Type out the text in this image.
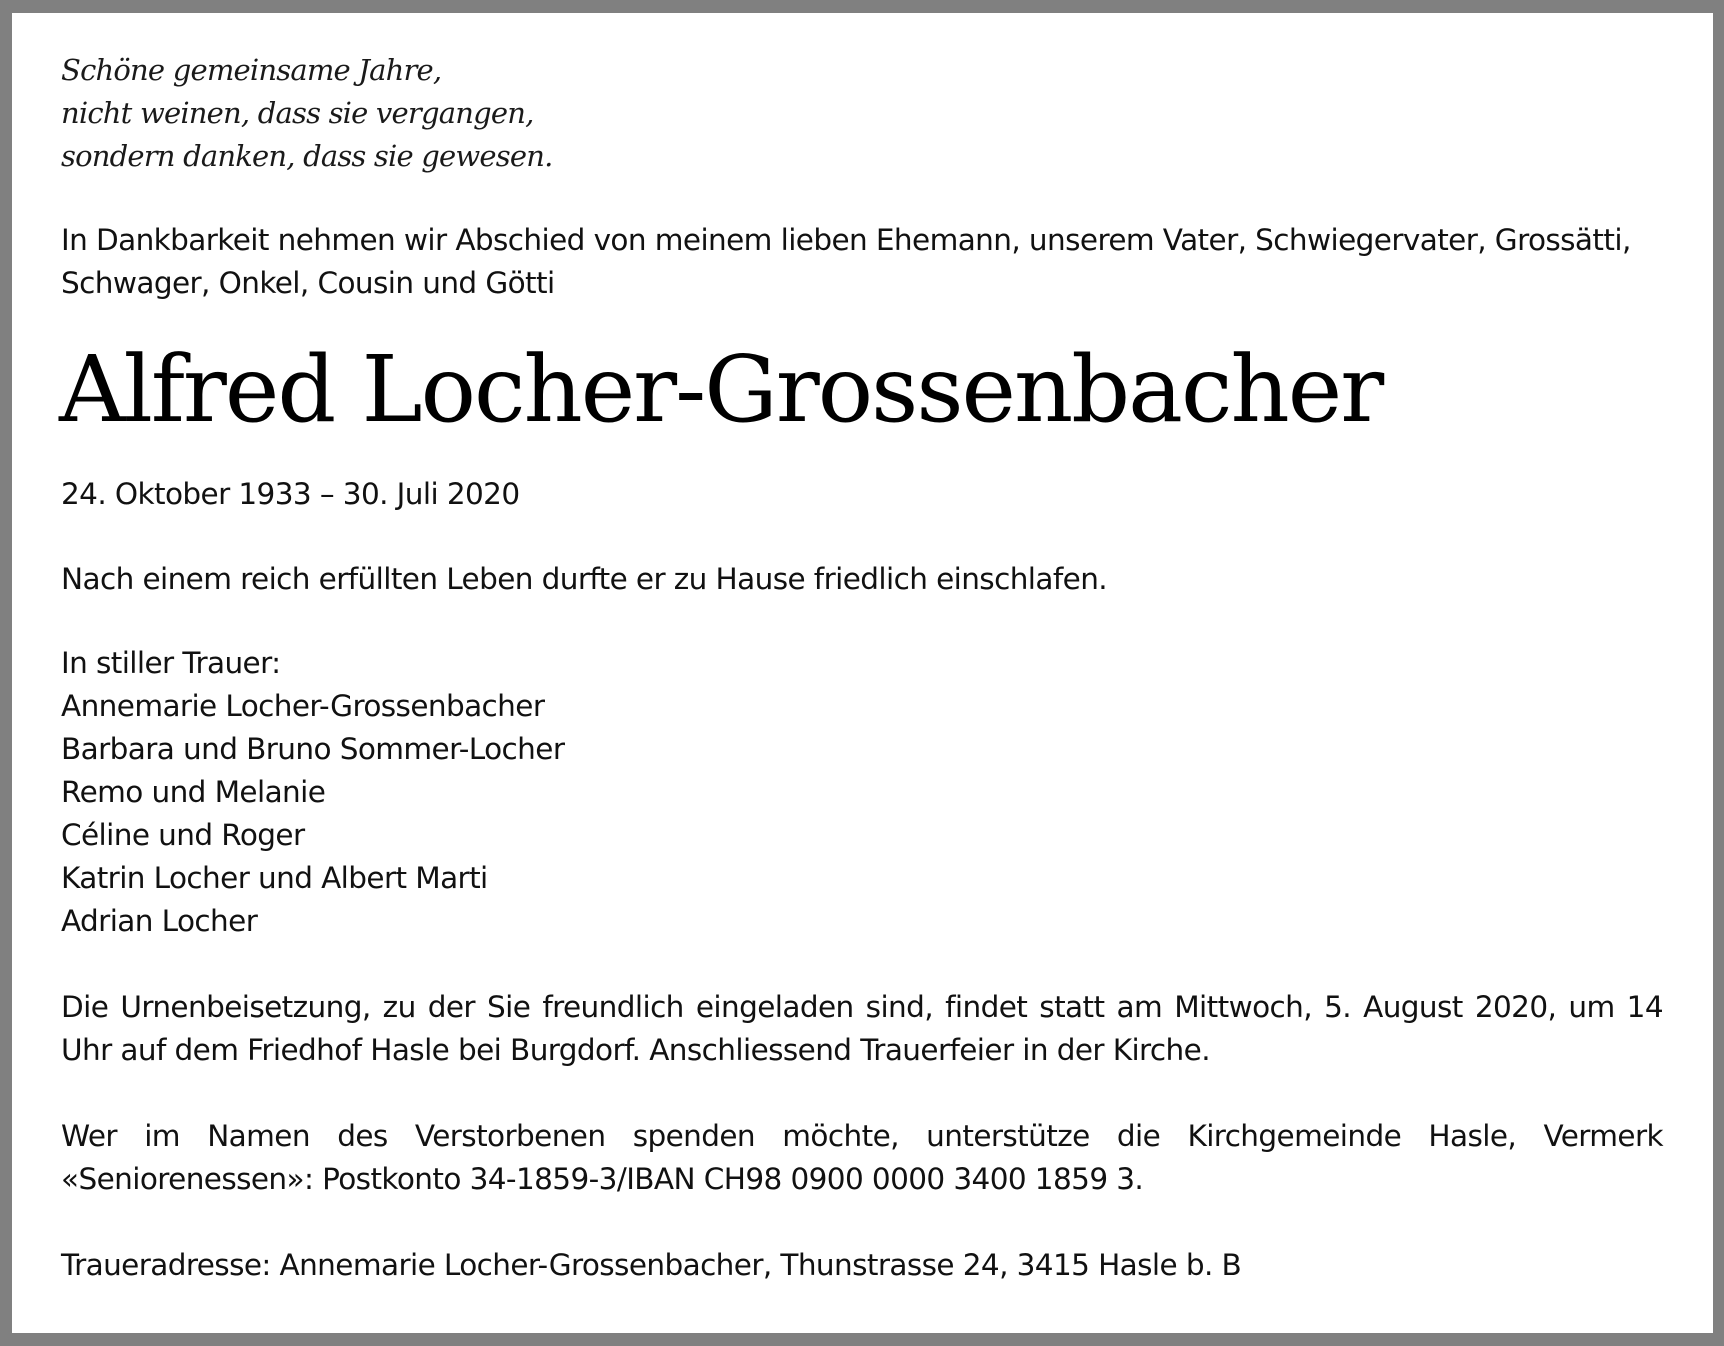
Schöne gemeinsame Jahre,
nicht weinen, dass sie vergangen,
sondern danken, dass sie gewesen.

In Dankbarkeit nehmen wir Abschied von meinem lieben Ehemann, unserem Vater, Schwiegervater, Grossätti, Schwager, Onkel, Cousin und Götti

Alfred Locher-Grossenbacher

24. Oktober 1933 – 30. Juli 2020

Nach einem reich erfüllten Leben durfte er zu Hause friedlich einschlafen.

In stiller Trauer:
Annemarie Locher-Grossenbacher
Barbara und Bruno Sommer-Locher
Remo und Melanie
Céline und Roger
Katrin Locher und Albert Marti
Adrian Locher

Die Urnenbeisetzung, zu der Sie freundlich eingeladen sind, findet statt am Mittwoch, 5. August 2020, um 14 Uhr auf dem Friedhof Hasle bei Burgdorf. Anschliessend Trauerfeier in der Kirche.

Wer im Namen des Verstorbenen spenden möchte, unterstütze die Kirchgemeinde Hasle, Vermerk «Seniorenessen»: Postkonto 34-1859-3/IBAN CH98 0900 0000 3400 1859 3.

Traueradresse: Annemarie Locher-Grossenbacher, Thunstrasse 24, 3415 Hasle b. B
